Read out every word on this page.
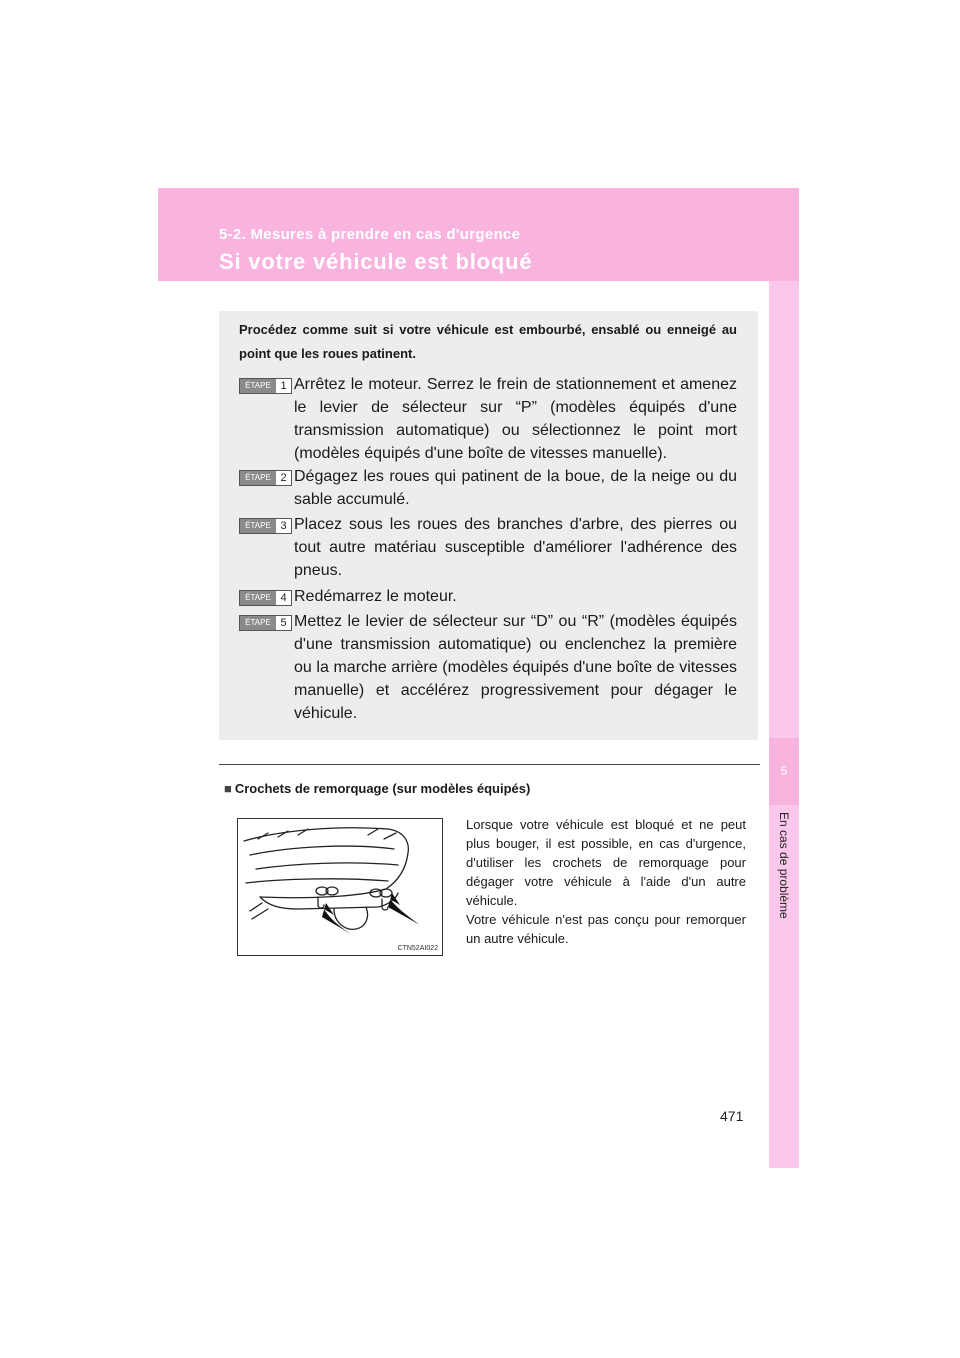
5-2. Mesures à prendre en cas d'urgence
Si votre véhicule est bloqué
5
En cas de problème
Procédez comme suit si votre véhicule est embourbé, ensablé ou enneigé au point que les roues patinent.
ÉTAPE 1 Arrêtez le moteur. Serrez le frein de stationnement et amenez le levier de sélecteur sur “P” (modèles équipés d'une transmission automatique) ou sélectionnez le point mort (modèles équipés d'une boîte de vitesses manuelle).
ÉTAPE 2 Dégagez les roues qui patinent de la boue, de la neige ou du sable accumulé.
ÉTAPE 3 Placez sous les roues des branches d'arbre, des pierres ou tout autre matériau susceptible d'améliorer l'adhérence des pneus.
ÉTAPE 4 Redémarrez le moteur.
ÉTAPE 5 Mettez le levier de sélecteur sur “D” ou “R” (modèles équipés d'une transmission automatique) ou enclenchez la première ou la marche arrière (modèles équipés d'une boîte de vitesses manuelle) et accélérez progressivement pour dégager le véhicule.
■ Crochets de remorquage (sur modèles équipés)
CTN52AI022

Lorsque votre véhicule est bloqué et ne peut plus bouger, il est possible, en cas d'urgence, d'utiliser les crochets de remorquage pour dégager votre véhicule à l'aide d'un autre véhicule.

Votre véhicule n'est pas conçu pour remorquer un autre véhicule.

471
